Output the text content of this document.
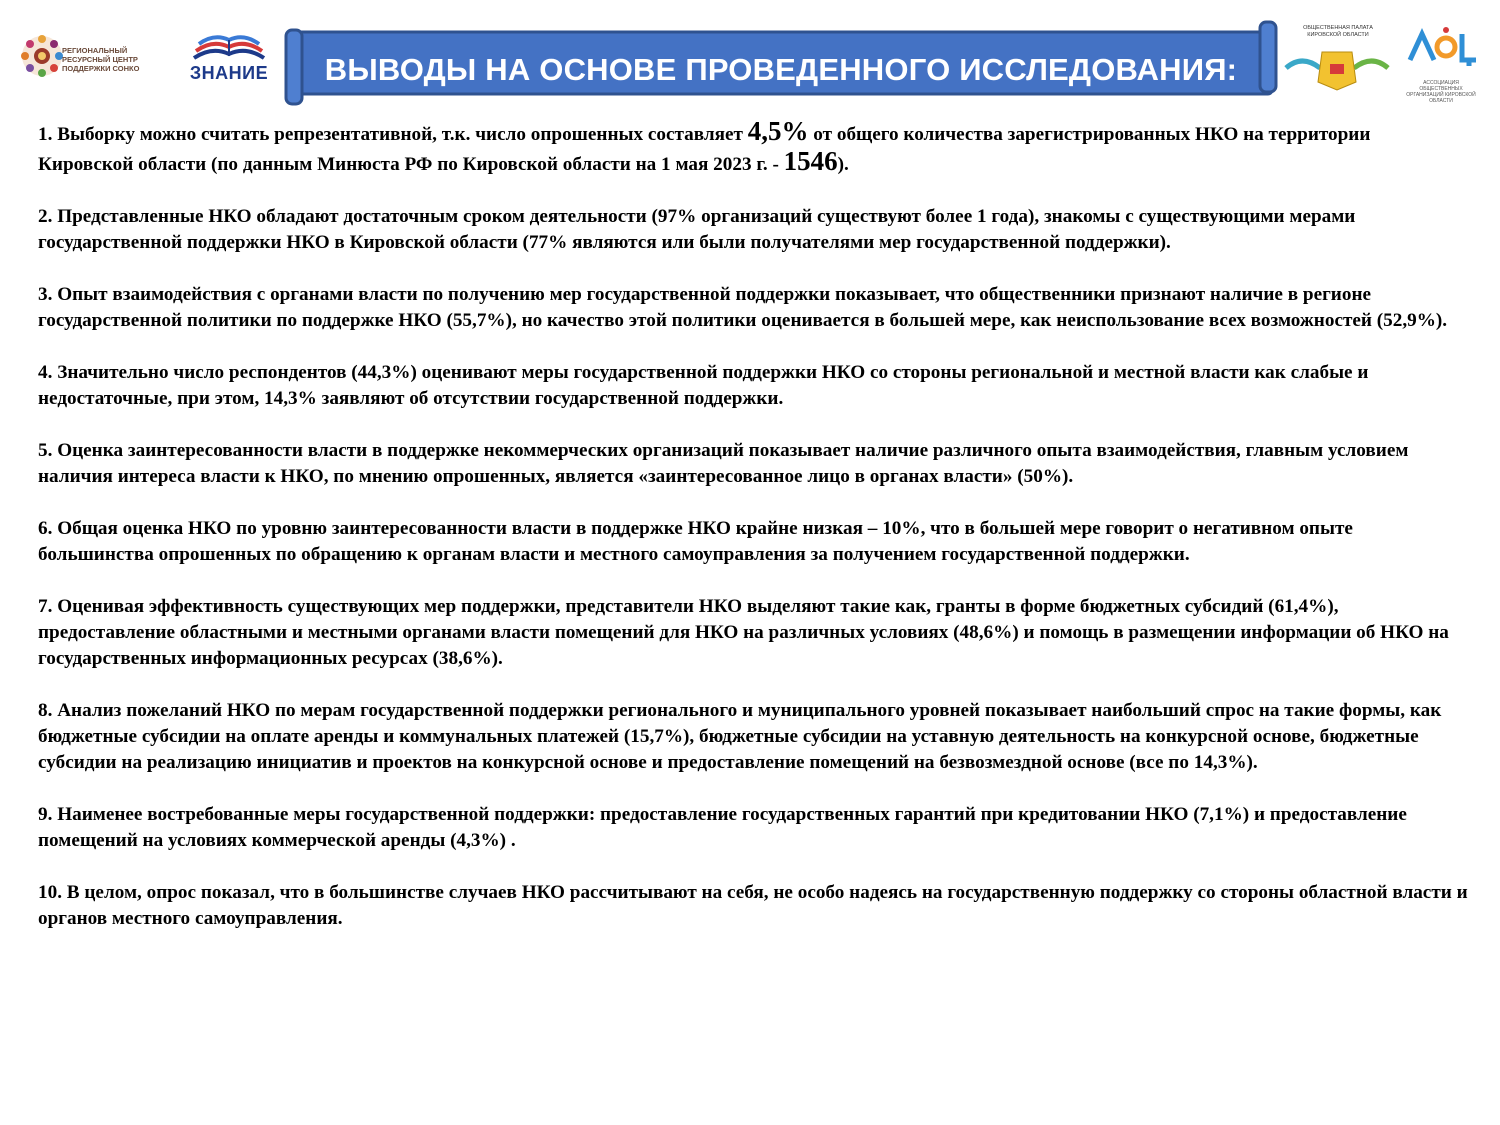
РЕГИОНАЛЬНЫЙ РЕСУРСНЫЙ ЦЕНТР ПОДДЕРЖКИ СОНКО	ЗНАНИЕ	ВЫВОДЫ НА ОСНОВЕ ПРОВЕДЕННОГО ИССЛЕДОВАНИЯ:
ОБЩЕСТВЕННАЯ ПАЛАТА КИРОВСКОЙ ОБЛАСТИ
АССОЦИАЦИЯ ОБЩЕСТВЕННЫХ ОРГАНИЗАЦИЙ КИРОВСКОЙ ОБЛАСТИ
1. Выборку можно считать репрезентативной, т.к. число опрошенных составляет 4,5% от общего количества зарегистрированных НКО на территории Кировской области (по данным Минюста РФ по Кировской области на 1 мая 2023 г. - 1546).
2. Представленные НКО обладают достаточным сроком деятельности (97% организаций существуют более 1 года), знакомы с существующими мерами государственной поддержки НКО в Кировской области (77% являются или были получателями мер государственной поддержки).
3. Опыт взаимодействия с органами власти по получению мер государственной поддержки показывает, что общественники признают наличие в регионе государственной политики по поддержке НКО (55,7%), но качество этой политики оценивается в большей мере, как неиспользование всех возможностей (52,9%).
4. Значительно число респондентов (44,3%) оценивают меры государственной поддержки НКО со стороны региональной и местной власти как слабые и недостаточные, при этом, 14,3% заявляют об отсутствии государственной поддержки.
5. Оценка заинтересованности власти в поддержке некоммерческих организаций показывает наличие различного опыта взаимодействия, главным условием наличия интереса власти к НКО, по мнению опрошенных, является «заинтересованное лицо в органах власти» (50%).
6. Общая оценка НКО по уровню заинтересованности власти в поддержке НКО крайне низкая – 10%, что в большей мере говорит о негативном опыте большинства опрошенных по обращению к органам власти и местного самоуправления за получением государственной поддержки.
7. Оценивая эффективность существующих мер поддержки, представители НКО выделяют такие как, гранты в форме бюджетных субсидий (61,4%), предоставление областными и местными органами власти помещений для НКО на различных условиях (48,6%) и помощь в размещении информации об НКО на государственных информационных ресурсах (38,6%).
8. Анализ пожеланий НКО по мерам государственной поддержки регионального и муниципального уровней показывает наибольший спрос на такие формы, как бюджетные субсидии на оплате аренды и коммунальных платежей (15,7%), бюджетные субсидии на уставную деятельность на конкурсной основе, бюджетные субсидии на реализацию инициатив и проектов на конкурсной основе и предоставление помещений на безвозмездной основе (все по 14,3%).
9. Наименее востребованные меры государственной поддержки: предоставление государственных гарантий при кредитовании НКО (7,1%) и предоставление помещений на условиях коммерческой аренды (4,3%) .
10. В целом, опрос показал, что в большинстве случаев НКО рассчитывают на себя, не особо надеясь на государственную поддержку со стороны областной власти и органов местного самоуправления.
